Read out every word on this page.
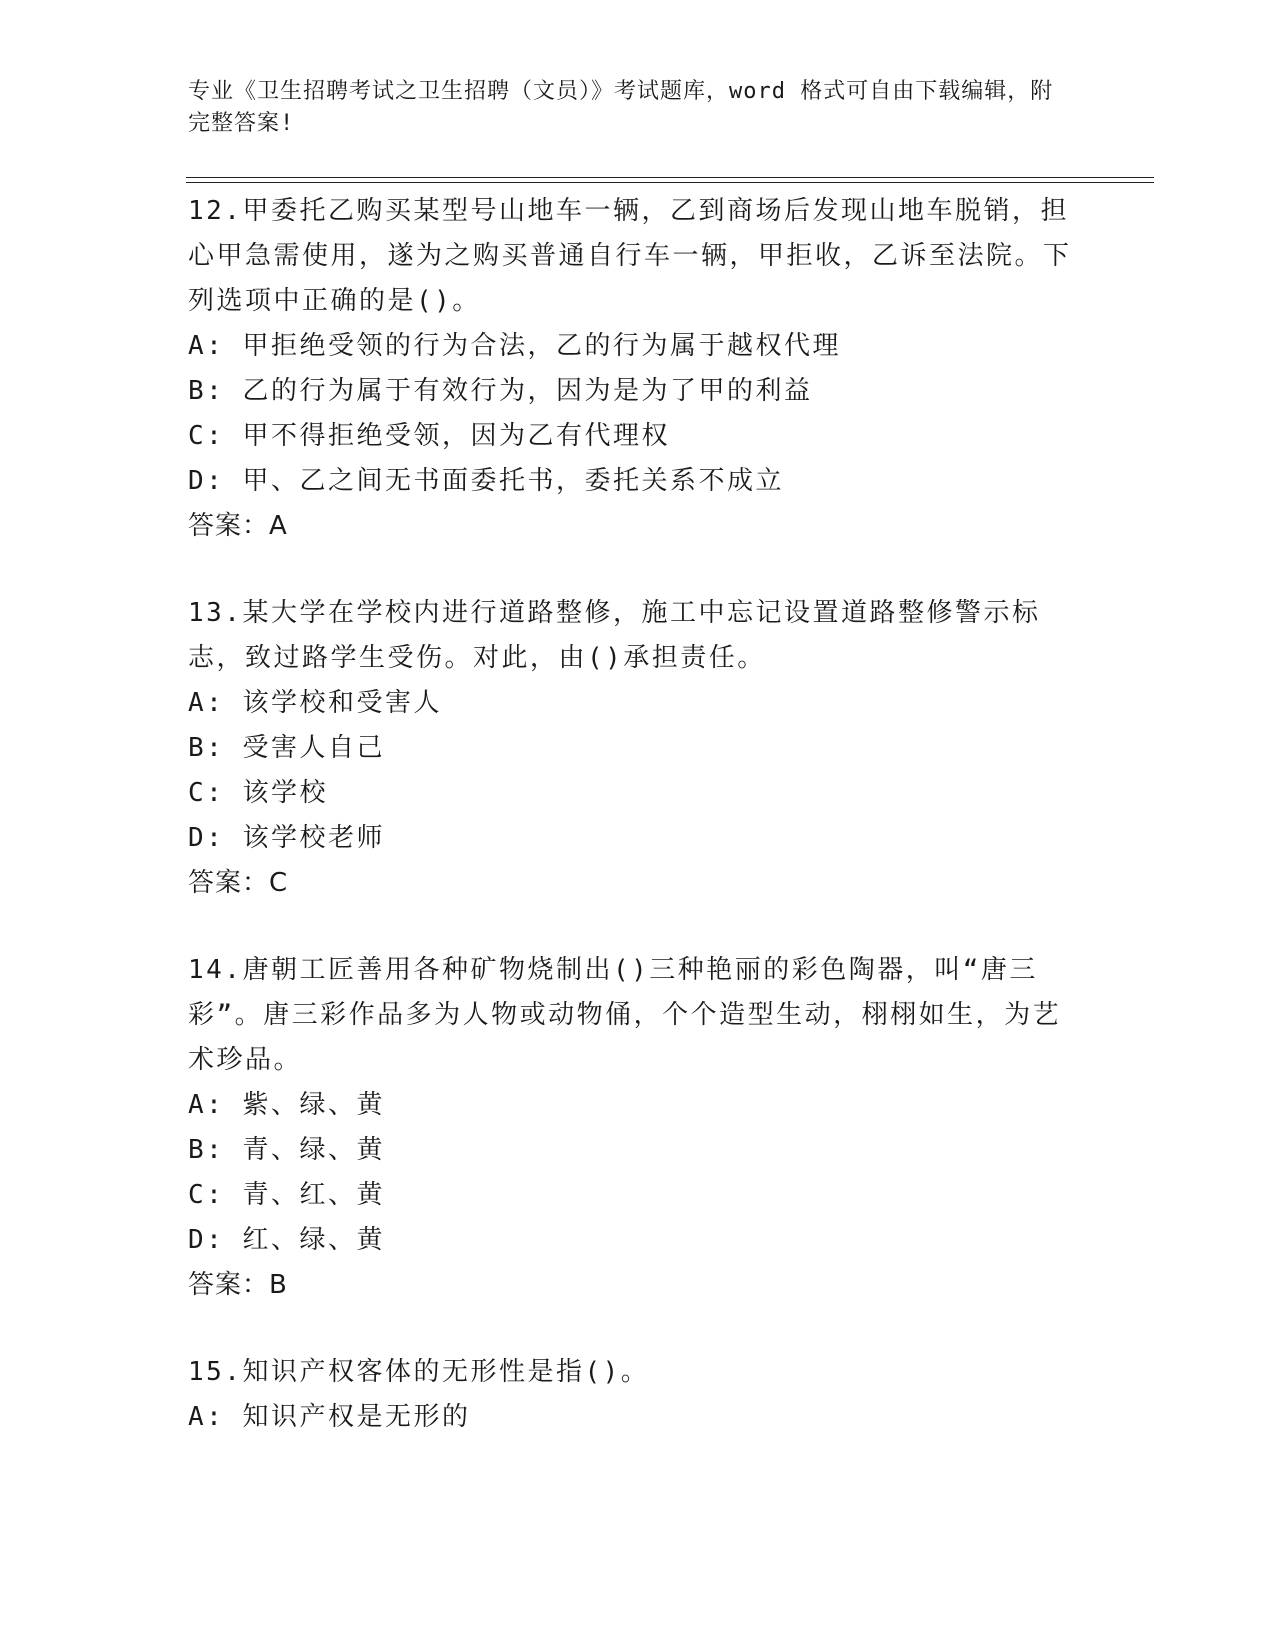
专业《卫生招聘考试之卫生招聘（文员）》考试题库，word 格式可自由下载编辑，附完整答案!
12.甲委托乙购买某型号山地车一辆，乙到商场后发现山地车脱销，担心甲急需使用，遂为之购买普通自行车一辆，甲拒收，乙诉至法院。下列选项中正确的是()。
A: 甲拒绝受领的行为合法，乙的行为属于越权代理
B: 乙的行为属于有效行为，因为是为了甲的利益
C: 甲不得拒绝受领，因为乙有代理权
D: 甲、乙之间无书面委托书，委托关系不成立
答案：A
13.某大学在学校内进行道路整修，施工中忘记设置道路整修警示标志，致过路学生受伤。对此，由()承担责任。
A: 该学校和受害人
B: 受害人自己
C: 该学校
D: 该学校老师
答案：C
14.唐朝工匠善用各种矿物烧制出()三种艳丽的彩色陶器，叫“唐三彩”。唐三彩作品多为人物或动物俑，个个造型生动，栩栩如生，为艺术珍品。
A: 紫、绿、黄
B: 青、绿、黄
C: 青、红、黄
D: 红、绿、黄
答案：B
15.知识产权客体的无形性是指()。
A: 知识产权是无形的
